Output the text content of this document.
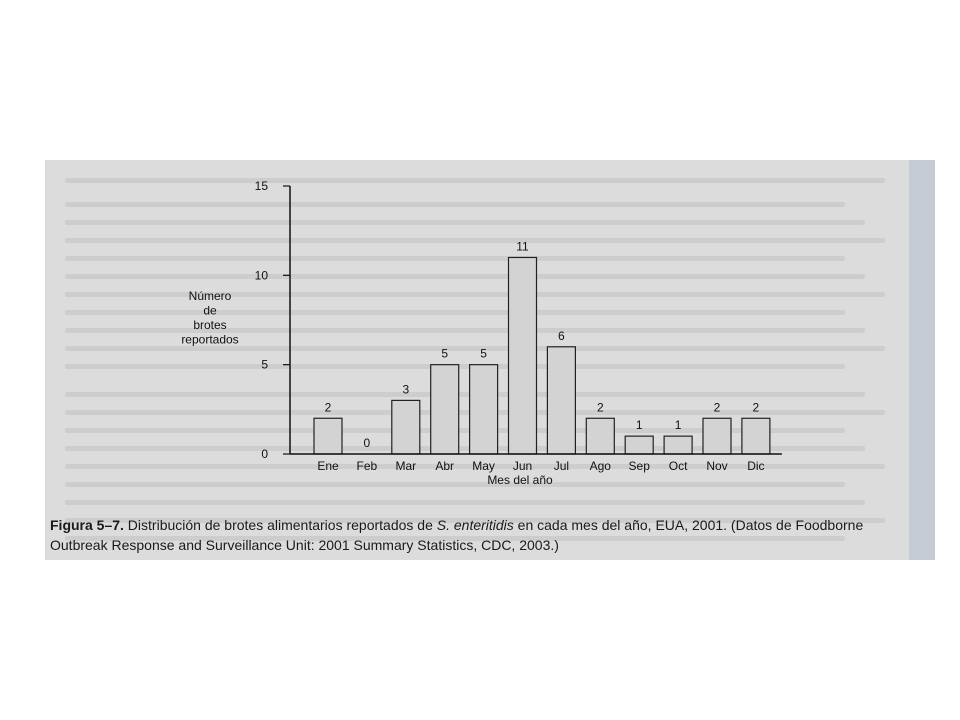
2
0
3
5	5
11
6
2
1	1
2	2
0
5
10
15
Ene Feb Mar Abr May Jun Jul Ago Sep Oct Nov Dic
Mes del año
Número
de
brotes
reportados
Figura 5–7. Distribución de brotes alimentarios reportados de S. enteritidis en cada mes del año, EUA, 2001. (Datos de Foodborne Outbreak Response and Surveillance Unit: 2001 Summary Statistics, CDC, 2003.)
